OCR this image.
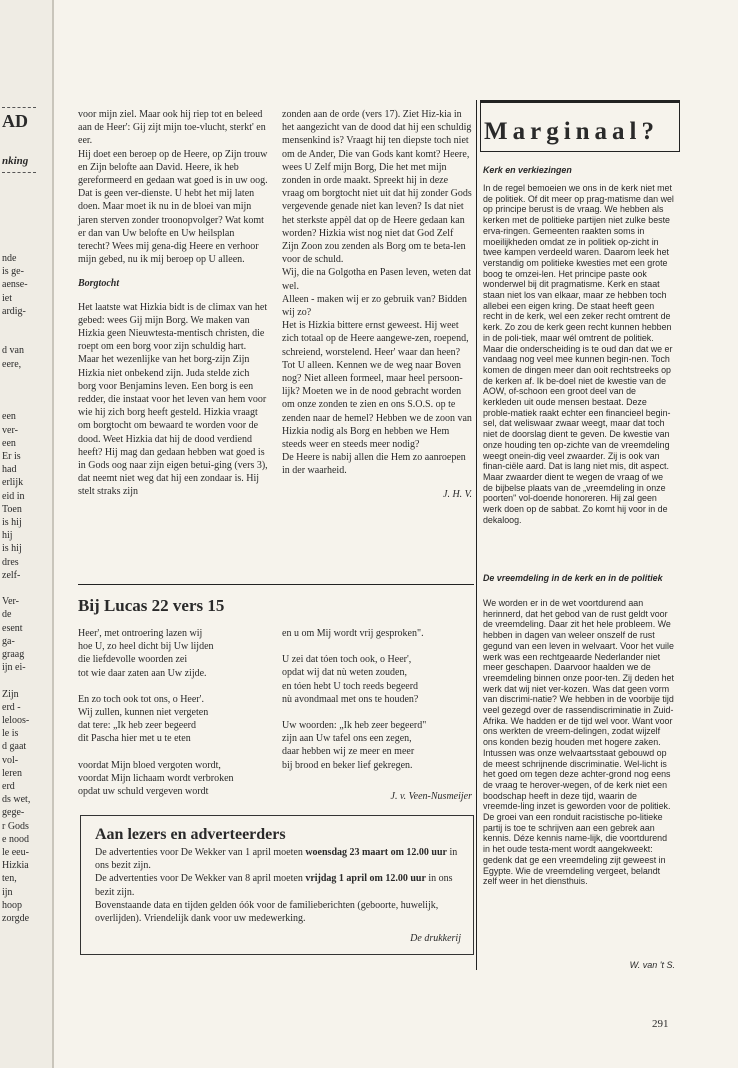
AD
nking
nde
is ge-
aense-
iet
ardig-
d van
eere,
een
ver-
een
Er is
had
erlijk
eid in
Toen
is hij
hij
is hij
dres
zelf-
Ver-
de
esent
ga-
graag
ijn ei-
Zijn
erd -
leloos-
le is
d gaat
vol-
leren
erd
ds wet,
gege-
r Gods
e nood
le eeu-
Hizkia
ten,
ijn
hoop
zorgde

voor mijn ziel. Maar ook hij riep tot en beleed aan de Heer': Gij zijt mijn toe-vlucht, sterkt' en eer.

Hij doet een beroep op de Heere, op Zijn trouw en Zijn belofte aan David. Heere, ik heb gereformeerd en gedaan wat goed is in uw oog. Dat is geen ver-dienste. U hebt het mij laten doen. Maar moet ik nu in de bloei van mijn jaren sterven zonder troonopvolger? Wat komt er dan van Uw belofte en Uw heilsplan terecht? Wees mij gena-dig Heere en verhoor mijn gebed, nu ik mij beroep op U alleen.

Borgtocht

Het laatste wat Hizkia bidt is de climax van het gebed: wees Gij mijn Borg. We maken van Hizkia geen Nieuwtesta-mentisch christen, die roept om een borg voor zijn schuldig hart. Maar het wezenlijke van het borg-zijn Zijn Hizkia niet onbekend zijn. Juda stelde zich borg voor Benjamins leven. Een borg is een redder, die instaat voor het leven van hem voor wie hij zich borg heeft gesteld. Hizkia vraagt om borgtocht om bewaard te worden voor de dood. Weet Hizkia dat hij de dood verdiend heeft? Hij mag dan gedaan hebben wat goed is in Gods oog naar zijn eigen betui-ging (vers 3), dat neemt niet weg dat hij een zondaar is. Hij stelt straks zijn

zonden aan de orde (vers 17). Ziet Hiz-kia in het aangezicht van de dood dat hij een schuldig mensenkind is? Vraagt hij ten diepste toch niet om de Ander, Die van Gods kant komt? Heere, wees U Zelf mijn Borg, Die het met mijn zonden in orde maakt. Spreekt hij in deze vraag om borgtocht niet uit dat hij zonder Gods vergevende genade niet kan leven? Is dat niet het sterkste appèl dat op de Heere gedaan kan worden? Hizkia wist nog niet dat God Zelf Zijn Zoon zou zenden als Borg om te beta-len voor de schuld.

Wij, die na Golgotha en Pasen leven, weten dat wel.

Alleen - maken wij er zo gebruik van? Bidden wij zo?

Het is Hizkia bittere ernst geweest. Hij weet zich totaal op de Heere aangewe-zen, roepend, schreiend, worstelend. Heer' waar dan heen? Tot U alleen. Kennen we de weg naar Boven nog? Niet alleen formeel, maar heel persoon-lijk? Moeten we in de nood gebracht worden om onze zonden te zien en ons S.O.S. op te zenden naar de hemel? Hebben we de zoon van Hizkia nodig als Borg en hebben we Hem steeds weer en steeds meer nodig?

De Heere is nabij allen die Hem zo aanroepen in der waarheid.

J. H. V.

Bij Lucas 22 vers 15

Heer', met ontroering lazen wij
hoe U, zo heel dicht bij Uw lijden
die liefdevolle woorden zei
tot wie daar zaten aan Uw zijde.

En zo toch ook tot ons, o Heer'.
Wij zullen, kunnen niet vergeten
dat tere: „Ik heb zeer begeerd
dit Pascha hier met u te eten

voordat Mijn bloed vergoten wordt,
voordat Mijn lichaam wordt verbroken
opdat uw schuld vergeven wordt

en u om Mij wordt vrij gesproken".

U zei dat tóen toch ook, o Heer',
opdat wij dat nù weten zouden,
en tóen hebt U toch reeds begeerd
nù avondmaal met ons te houden?

Uw woorden: „Ik heb zeer begeerd"
zijn aan Uw tafel ons een zegen,
daar hebben wij ze meer en meer
bij brood en beker lief gekregen.

J. v. Veen-Nusmeijer
Aan lezers en adverteerders

De advertenties voor De Wekker van 1 april moeten woensdag 23 maart om 12.00 uur in ons bezit zijn.

De advertenties voor De Wekker van 8 april moeten vrijdag 1 april om 12.00 uur in ons bezit zijn.

Bovenstaande data en tijden gelden óók voor de familieberichten (geboorte, huwelijk, overlijden). Vriendelijk dank voor uw medewerking.

De drukkerij
Marginaal?
Kerk en verkiezingen

In de regel bemoeien we ons in de kerk niet met de politiek. Of dit meer op prag-matisme dan wel op principe berust is de vraag. We hebben als kerken met de politieke partijen niet zulke beste erva-ringen. Gemeenten raakten soms in moeilijkheden omdat ze in politiek op-zicht in twee kampen verdeeld waren. Daarom leek het verstandig om politieke kwesties met een grote boog te omzei-len. Het principe paste ook wonderwel bij dit pragmatisme. Kerk en staat staan niet los van elkaar, maar ze hebben toch allebei een eigen kring. De staat heeft geen recht in de kerk, wel een zeker recht omtrent de kerk. Zo zou de kerk geen recht kunnen hebben in de poli-tiek, maar wél omtrent de politiek. Maar die onderscheiding is te oud dan dat we er vandaag nog veel mee kunnen begin-nen. Toch komen de dingen meer dan ooit rechtstreeks op de kerken af. Ik be-doel niet de kwestie van de AOW, of-schoon een groot deel van de kerkleden uit oude mensen bestaat. Deze proble-matiek raakt echter een financieel begin-sel, dat weliswaar zwaar weegt, maar dat toch niet de doorslag dient te geven. De kwestie van onze houding ten op-zichte van de vreemdeling weegt onein-dig veel zwaarder. Zij is ook van finan-ciële aard. Dat is lang niet mis, dit aspect. Maar zwaarder dient te wegen de vraag of we de bijbelse plaats van de „vreemdeling in onze poorten" vol-doende honoreren. Hij zal geen werk doen op de sabbat. Zo komt hij voor in de dekaloog.

De vreemdeling in de kerk en in de politiek

We worden er in de wet voortdurend aan herinnerd, dat het gebod van de rust geldt voor de vreemdeling. Daar zit het hele probleem. We hebben in dagen van weleer onszelf de rust gegund van een leven in welvaart. Voor het vuile werk was een rechtgeaarde Nederlander niet meer geschapen. Daarvoor haalden we de vreemdeling binnen onze poor-ten. Zij deden het werk dat wij niet ver-kozen. Was dat geen vorm van discrimi-natie? We hebben in de voorbije tijd veel gezegd over de rassendiscriminatie in Zuid-Afrika. We hadden er de tijd wel voor. Want voor ons werkten de vreem-delingen, zodat wijzelf ons konden bezig houden met hogere zaken. Intussen was onze welvaartsstaat gebouwd op de meest schrijnende discriminatie. Wel-licht is het goed om tegen deze achter-grond nog eens de vraag te herover-wegen, of de kerk niet een boodschap heeft in deze tijd, waarin de vreemde-ling inzet is geworden voor de politiek. De groei van een ronduit racistische po-litieke partij is toe te schrijven aan een gebrek aan kennis. Déze kennis name-lijk, die voortdurend in het oude testa-ment wordt aangekweekt: gedenk dat ge een vreemdeling zijt geweest in Egypte. Wie de vreemdeling vergeet, belandt zelf weer in het diensthuis.

W. van 't S.
291
